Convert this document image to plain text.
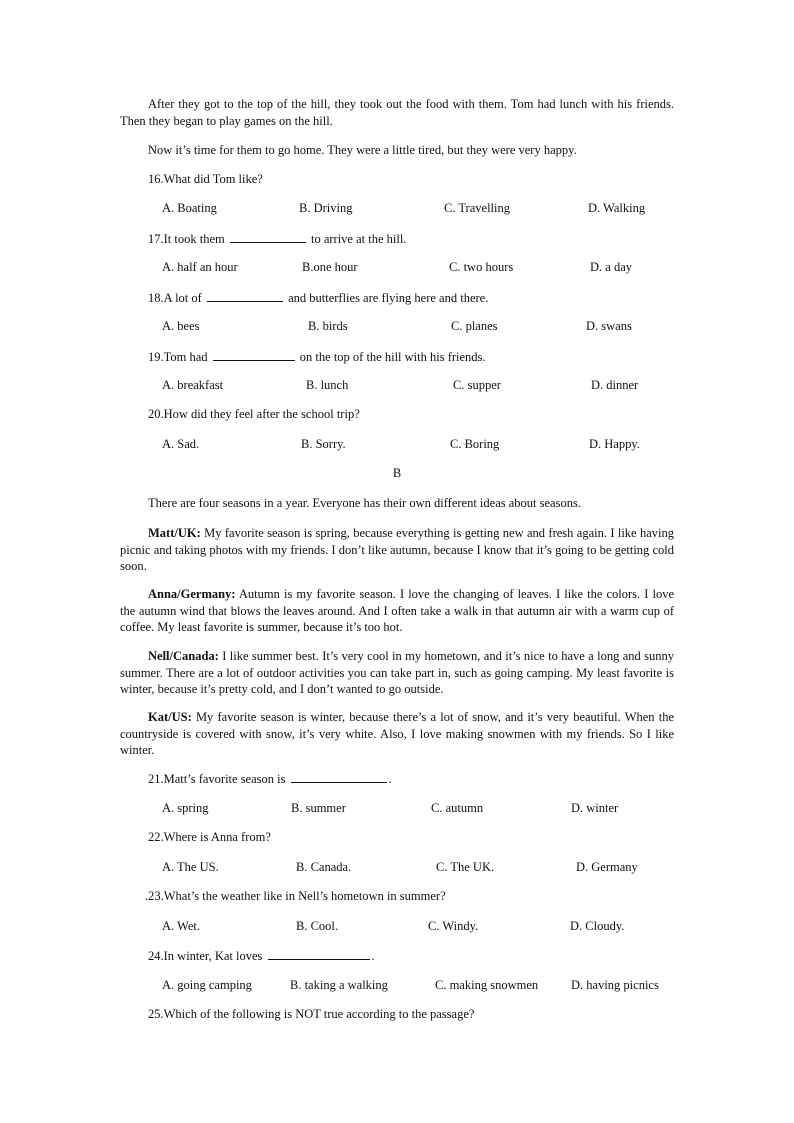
After they got to the top of the hill, they took out the food with them. Tom had lunch with his friends. Then they began to play games on the hill.

Now it’s time for them to go home. They were a little tired, but they were very happy.

16.What did Tom like?

A. Boating	B. Driving	C. Travelling	D. Walking

17.It took them	to arrive at the hill.

A. half an hour	B.one hour	C. two hours	D. a day

18.A lot of	and butterflies are flying here and there.

A. bees	B. birds	C. planes	D. swans

19.Tom had	on the top of the hill with his friends.

A. breakfast	B. lunch	C. supper	D. dinner

20.How did they feel after the school trip?

A. Sad.	B. Sorry.	C. Boring	D. Happy.
B

There are four seasons in a year. Everyone has their own different ideas about seasons.

Matt/UK: My favorite season is spring, because everything is getting new and fresh again. I like having picnic and taking photos with my friends. I don’t like autumn, because I know that it’s going to be getting cold soon.

Anna/Germany: Autumn is my favorite season. I love the changing of leaves. I like the colors. I love the autumn wind that blows the leaves around. And I often take a walk in that autumn air with a warm cup of coffee. My least favorite is summer, because it’s too hot.

Nell/Canada: I like summer best. It’s very cool in my hometown, and it’s nice to have a long and sunny summer. There are a lot of outdoor activities you can take part in, such as going camping. My least favorite is winter, because it’s pretty cold, and I don’t wanted to go outside.

Kat/US: My favorite season is winter, because there’s a lot of snow, and it’s very beautiful. When the countryside is covered with snow, it’s very white. Also, I love making snowmen with my friends. So I like winter.

21.Matt’s favorite season is	.

A. spring	B. summer	C. autumn	D. winter

22.Where is Anna from?

A. The US.	B. Canada.	C. The UK.	D. Germany

.23.What’s the weather like in Nell’s hometown in summer?

A. Wet.	B. Cool.	C. Windy.	D. Cloudy.

24.In winter, Kat loves	.

A. going camping	B. taking a walking	C. making snowmen	D. having picnics

25.Which of the following is NOT true according to the passage?
